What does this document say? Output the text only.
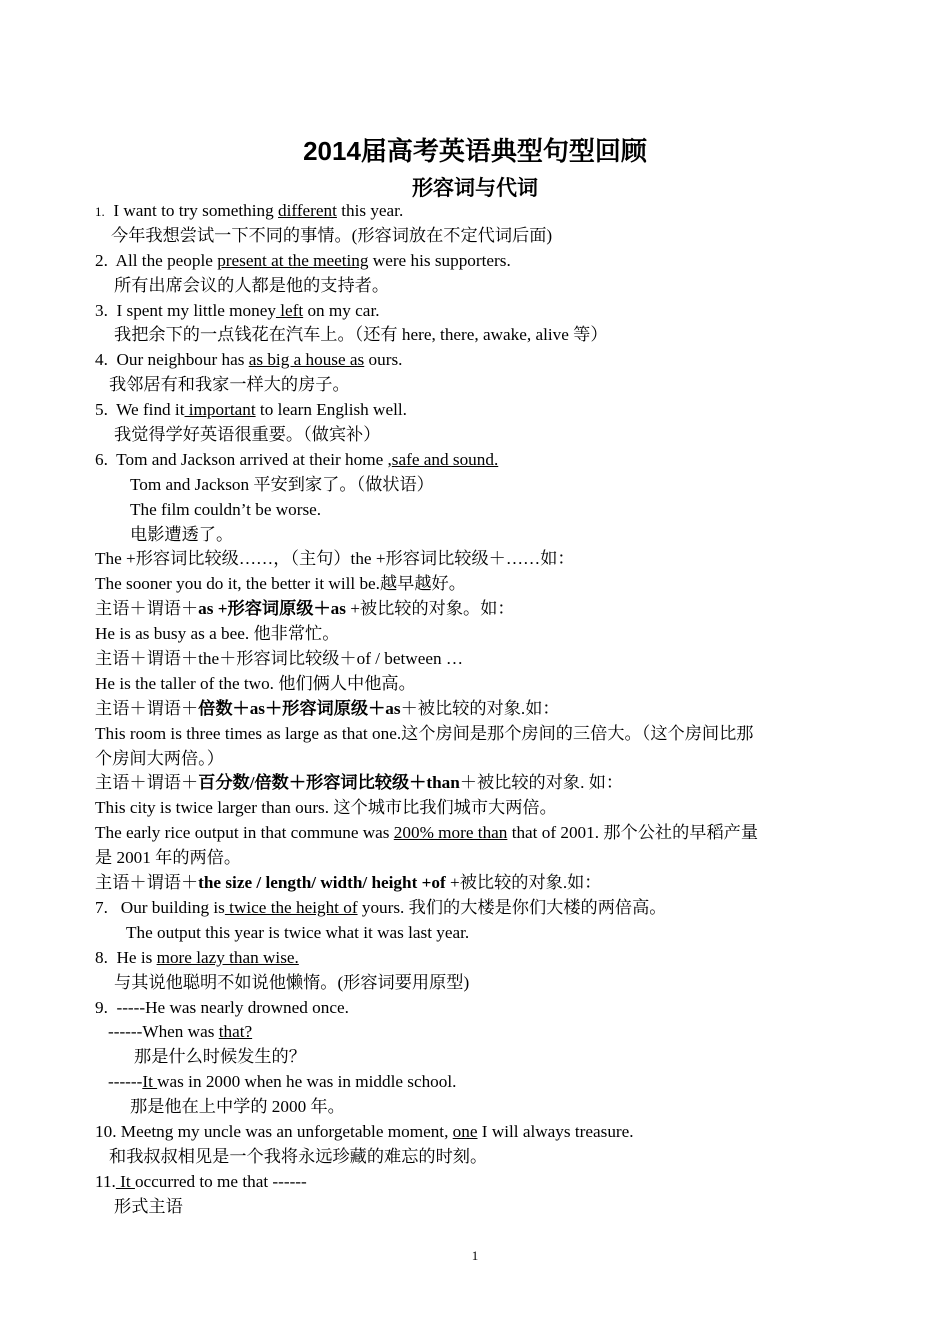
2014届高考英语典型句型回顾
形容词与代词
1.  I want to try something different this year.
今年我想尝试一下不同的事情。(形容词放在不定代词后面)
2.  All the people present at the meeting were his supporters.
所有出席会议的人都是他的支持者。
3.  I spent my little money left on my car.
我把余下的一点钱花在汽车上。（还有 here, there, awake, alive 等）
4.  Our neighbour has as big a house as ours.
我邻居有和我家一样大的房子。
5.  We find it important to learn English well.
我觉得学好英语很重要。（做宾补）
6.  Tom and Jackson arrived at their home ,safe and sound.
Tom and Jackson 平安到家了。（做状语）
The film couldn’t be worse.
电影遭透了。
The +形容词比较级……，（主句）the +形容词比较级＋……如：
The sooner you do it, the better it will be.越早越好。
主语＋谓语＋as +形容词原级＋as +被比较的对象。如：
He is as busy as a bee. 他非常忙。
主语＋谓语＋the＋形容词比较级＋of / between …
He is the taller of the two. 他们俩人中他高。
主语＋谓语＋倍数＋as＋形容词原级＋as＋被比较的对象.如：
This room is three times as large as that one.这个房间是那个房间的三倍大。（这个房间比那
个房间大两倍。）
主语＋谓语＋百分数/倍数＋形容词比较级＋than＋被比较的对象. 如：
This city is twice larger than ours. 这个城市比我们城市大两倍。
The early rice output in that commune was 200% more than that of 2001. 那个公社的早稻产量
是 2001 年的两倍。
主语＋谓语＋the size / length/ width/ height +of +被比较的对象.如：
7.   Our building is twice the height of yours. 我们的大楼是你们大楼的两倍高。
The output this year is twice what it was last year.
8.  He is more lazy than wise.
与其说他聪明不如说他懒惰。(形容词要用原型)
9.  -----He was nearly drowned once.
------When was that?
那是什么时候发生的？
------It was in 2000 when he was in middle school.
那是他在上中学的 2000 年。
10. Meetng my uncle was an unforgetable moment, one I will always treasure.
和我叔叔相见是一个我将永远珍藏的难忘的时刻。
11. It occurred to me that ------
形式主语
1
